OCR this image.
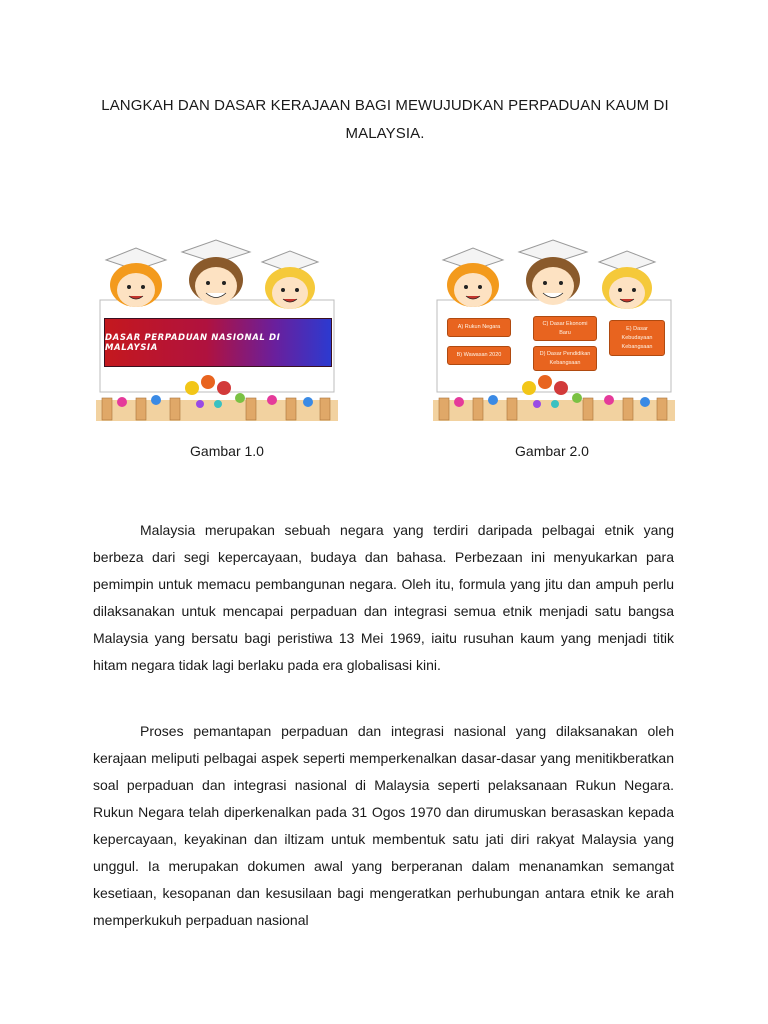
LANGKAH DAN DASAR KERAJAAN BAGI MEWUJUDKAN PERPADUAN KAUM DI MALAYSIA.
DASAR PERPADUAN NASIONAL DI MALAYSIA
Gambar 1.0
A) Rukun Negara
B) Wawasan 2020
C) Dasar Ekonomi Baru
D) Dasar Pendidikan Kebangsaan
E) Dasar Kebudayaan Kebangsaan
Gambar 2.0

Malaysia merupakan sebuah negara yang terdiri daripada pelbagai etnik yang berbeza dari segi kepercayaan, budaya dan bahasa. Perbezaan ini menyukarkan para pemimpin untuk memacu pembangunan negara. Oleh itu, formula yang jitu dan ampuh perlu dilaksanakan untuk mencapai perpaduan dan integrasi semua etnik menjadi satu bangsa Malaysia yang bersatu bagi peristiwa 13 Mei 1969, iaitu rusuhan kaum yang menjadi titik hitam negara tidak lagi berlaku pada era globalisasi kini.

Proses pemantapan perpaduan dan integrasi nasional yang dilaksanakan oleh kerajaan meliputi pelbagai aspek seperti memperkenalkan dasar-dasar yang menitikberatkan soal perpaduan dan integrasi nasional di Malaysia seperti pelaksanaan Rukun Negara. Rukun Negara telah diperkenalkan pada 31 Ogos 1970 dan dirumuskan berasaskan kepada kepercayaan, keyakinan dan iltizam untuk membentuk satu jati diri rakyat Malaysia yang unggul. Ia merupakan dokumen awal yang berperanan dalam menanamkan semangat kesetiaan, kesopanan dan kesusilaan bagi mengeratkan perhubungan antara etnik ke arah memperkukuh perpaduan nasional
